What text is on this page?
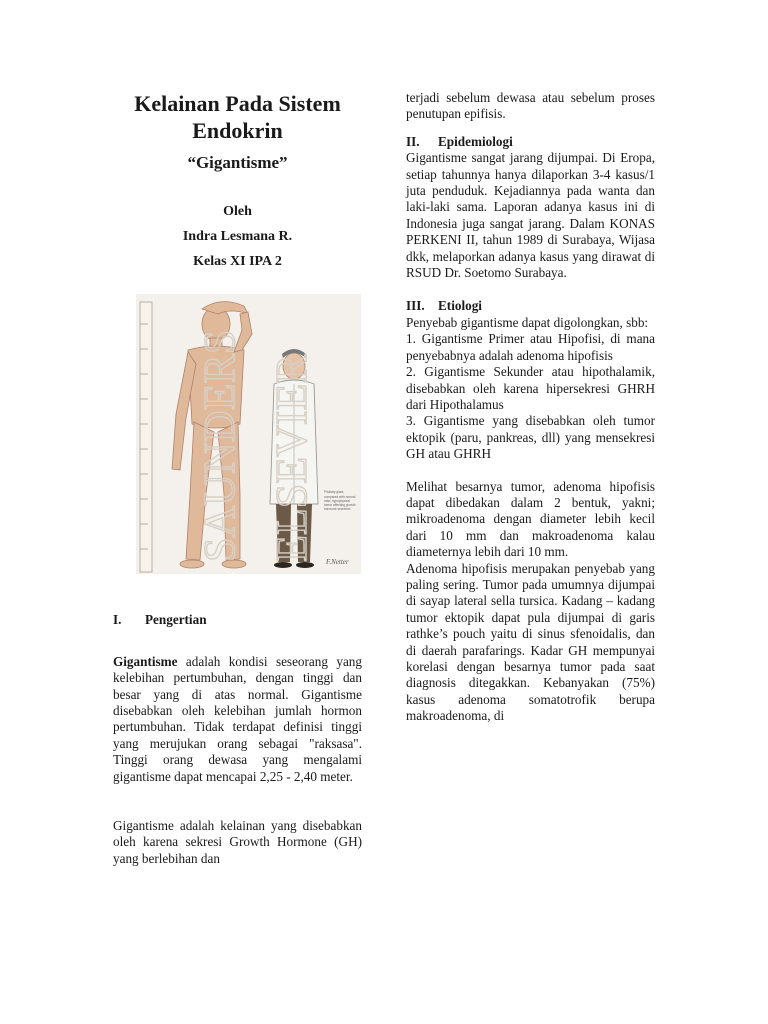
Kelainan Pada Sistem
Endokrin
“Gigantisme”
Oleh
Indra Lesmana R.
Kelas XI IPA 2
SAUNDERS ELSEVIER	Pituitary giant, compared with normal man; hypophyseal tumor affecting growth hormone secretion
F.Netter
I.	Pengertian

Gigantisme adalah kondisi seseorang yang kelebihan pertumbuhan, dengan tinggi dan besar yang di atas normal. Gigantisme disebabkan oleh kelebihan jumlah hormon pertumbuhan. Tidak terdapat definisi tinggi yang merujukan orang sebagai "raksasa". Tinggi orang dewasa yang mengalami gigantisme dapat mencapai 2,25 - 2,40 meter.

Gigantisme adalah kelainan yang disebabkan oleh karena sekresi Growth Hormone (GH) yang berlebihan dan

terjadi sebelum dewasa atau sebelum proses penutupan epifisis.

II.	Epidemiologi

Gigantisme sangat jarang dijumpai. Di Eropa, setiap tahunnya hanya dilaporkan 3-4 kasus/1 juta penduduk. Kejadiannya pada wanta dan laki-laki sama. Laporan adanya kasus ini di Indonesia juga sangat jarang. Dalam KONAS PERKENI II, tahun 1989 di Surabaya, Wijasa dkk, melaporkan adanya kasus yang dirawat di RSUD Dr. Soetomo Surabaya.

III.	Etiologi

Penyebab gigantisme dapat digolongkan, sbb:

1. Gigantisme Primer atau Hipofisi, di mana penyebabnya adalah adenoma hipofisis

2. Gigantisme Sekunder atau hipothalamik, disebabkan oleh karena hipersekresi GHRH dari Hipothalamus

3. Gigantisme yang disebabkan oleh tumor ektopik (paru, pankreas, dll) yang mensekresi GH atau GHRH

Melihat besarnya tumor, adenoma hipofisis dapat dibedakan dalam 2 bentuk, yakni; mikroadenoma dengan diameter lebih kecil dari 10 mm dan makroadenoma kalau diameternya lebih dari 10 mm.

Adenoma hipofisis merupakan penyebab yang paling sering. Tumor pada umumnya dijumpai di sayap lateral sella tursica. Kadang – kadang tumor ektopik dapat pula dijumpai di garis rathke’s pouch yaitu di sinus sfenoidalis, dan di daerah parafarings. Kadar GH mempunyai korelasi dengan besarnya tumor pada saat diagnosis ditegakkan. Kebanyakan (75%) kasus adenoma somatotrofik berupa makroadenoma, di
